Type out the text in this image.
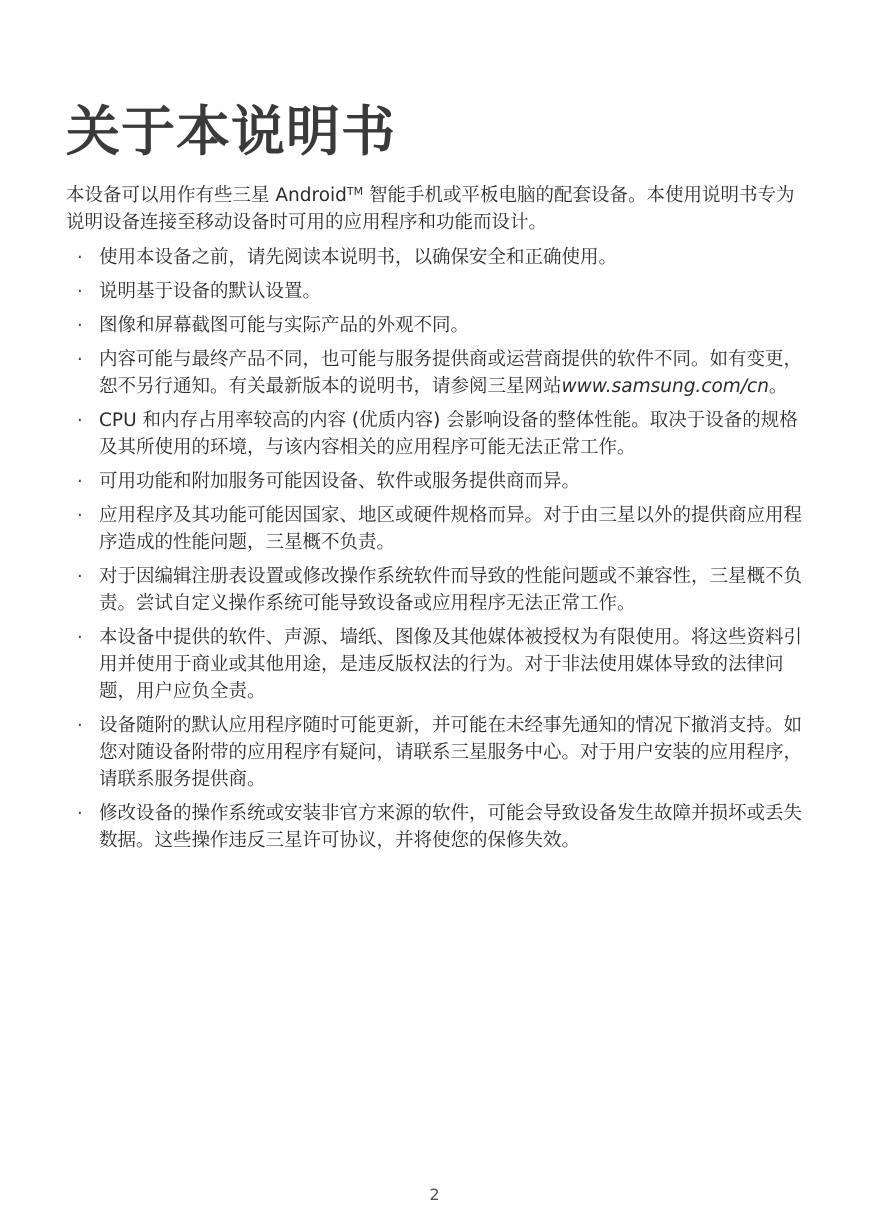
关于本说明书

本设备可以用作有些三星 Android™ 智能手机或平板电脑的配套设备。本使用说明书专为说明设备连接至移动设备时可用的应用程序和功能而设计。

· 使用本设备之前，请先阅读本说明书，以确保安全和正确使用。
· 说明基于设备的默认设置。
· 图像和屏幕截图可能与实际产品的外观不同。
· 内容可能与最终产品不同，也可能与服务提供商或运营商提供的软件不同。如有变更，恕不另行通知。有关最新版本的说明书，请参阅三星网站www.samsung.com/cn。
· CPU 和内存占用率较高的内容 (优质内容) 会影响设备的整体性能。取决于设备的规格及其所使用的环境，与该内容相关的应用程序可能无法正常工作。
· 可用功能和附加服务可能因设备、软件或服务提供商而异。
· 应用程序及其功能可能因国家、地区或硬件规格而异。对于由三星以外的提供商应用程序造成的性能问题，三星概不负责。
· 对于因编辑注册表设置或修改操作系统软件而导致的性能问题或不兼容性，三星概不负责。尝试自定义操作系统可能导致设备或应用程序无法正常工作。
· 本设备中提供的软件、声源、墙纸、图像及其他媒体被授权为有限使用。将这些资料引用并使用于商业或其他用途，是违反版权法的行为。对于非法使用媒体导致的法律问题，用户应负全责。
· 设备随附的默认应用程序随时可能更新，并可能在未经事先通知的情况下撤消支持。如您对随设备附带的应用程序有疑问，请联系三星服务中心。对于用户安装的应用程序，请联系服务提供商。
· 修改设备的操作系统或安装非官方来源的软件，可能会导致设备发生故障并损坏或丢失数据。这些操作违反三星许可协议，并将使您的保修失效。
2
